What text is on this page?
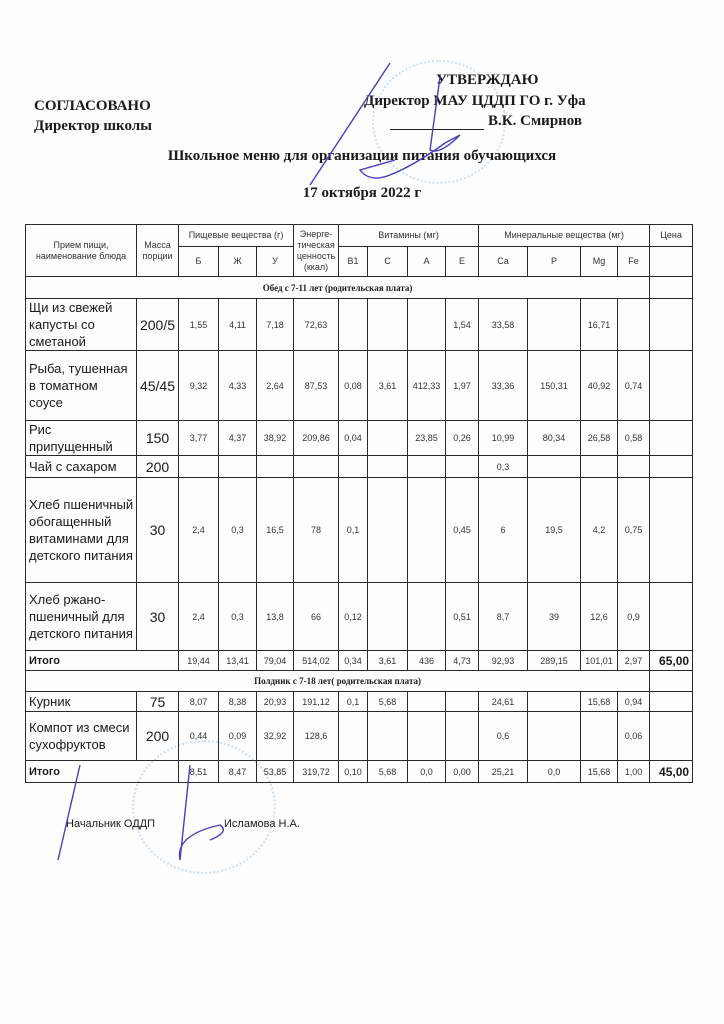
СОГЛАСОВАНО
Директор школы
УТВЕРЖДАЮ
Директор МАУ ЦДДП ГО г. Уфа
В.К. Смирнов
Школьное меню для организации питания обучающихся
17 октября 2022 г
Прием пищи, наименование блюда	Масса порции	Пищевые вещества (г)			Энерге-тическая ценность (ккал)	Витамины (мг)				Минеральные вещества (мг)				Цена
		Б	Ж	У		В1	С	А	Е	Ca	P	Mg	Fe	
Обед с 7-11 лет (родительская плата)														
Щи из свежей капусты со сметаной	200/5	1,55	4,11	7,18	72,63				1,54	33,58		16,71		
Рыба, тушенная в томатном соусе	45/45	9,32	4,33	2,64	87,53	0,08	3,61	412,33	1,97	33,36	150,31	40,92	0,74	
Рис припущенный	150	3,77	4,37	38,92	209,86	0,04		23,85	0,26	10,99	80,34	26,58	0,58	
Чай с сахаром	200									0,3				
Хлеб пшеничный обогащенный витаминами для детского питания	30	2,4	0,3	16,5	78	0,1			0,45	6	19,5	4,2	0,75	
Хлеб ржано-пшеничный для детского питания	30	2,4	0,3	13,8	66	0,12			0,51	8,7	39	12,6	0,9	
Итого		19,44	13,41	79,04	514,02	0,34	3,61	436	4,73	92,93	289,15	101,01	2,97	65,00
Полдник с 7-18 лет( родительская плата)														
Курник	75	8,07	8,38	20,93	191,12	0,1	5,68			24,61		15,68	0,94	
Компот из смеси сухофруктов	200	0,44	0,09	32,92	128,6					0,6			0,06	
Итого		8,51	8,47	53,85	319,72	0,10	5,68	0,0	0,00	25,21	0,0	15,68	1,00	45,00
Начальник ОДДП	Исламова Н.А.
